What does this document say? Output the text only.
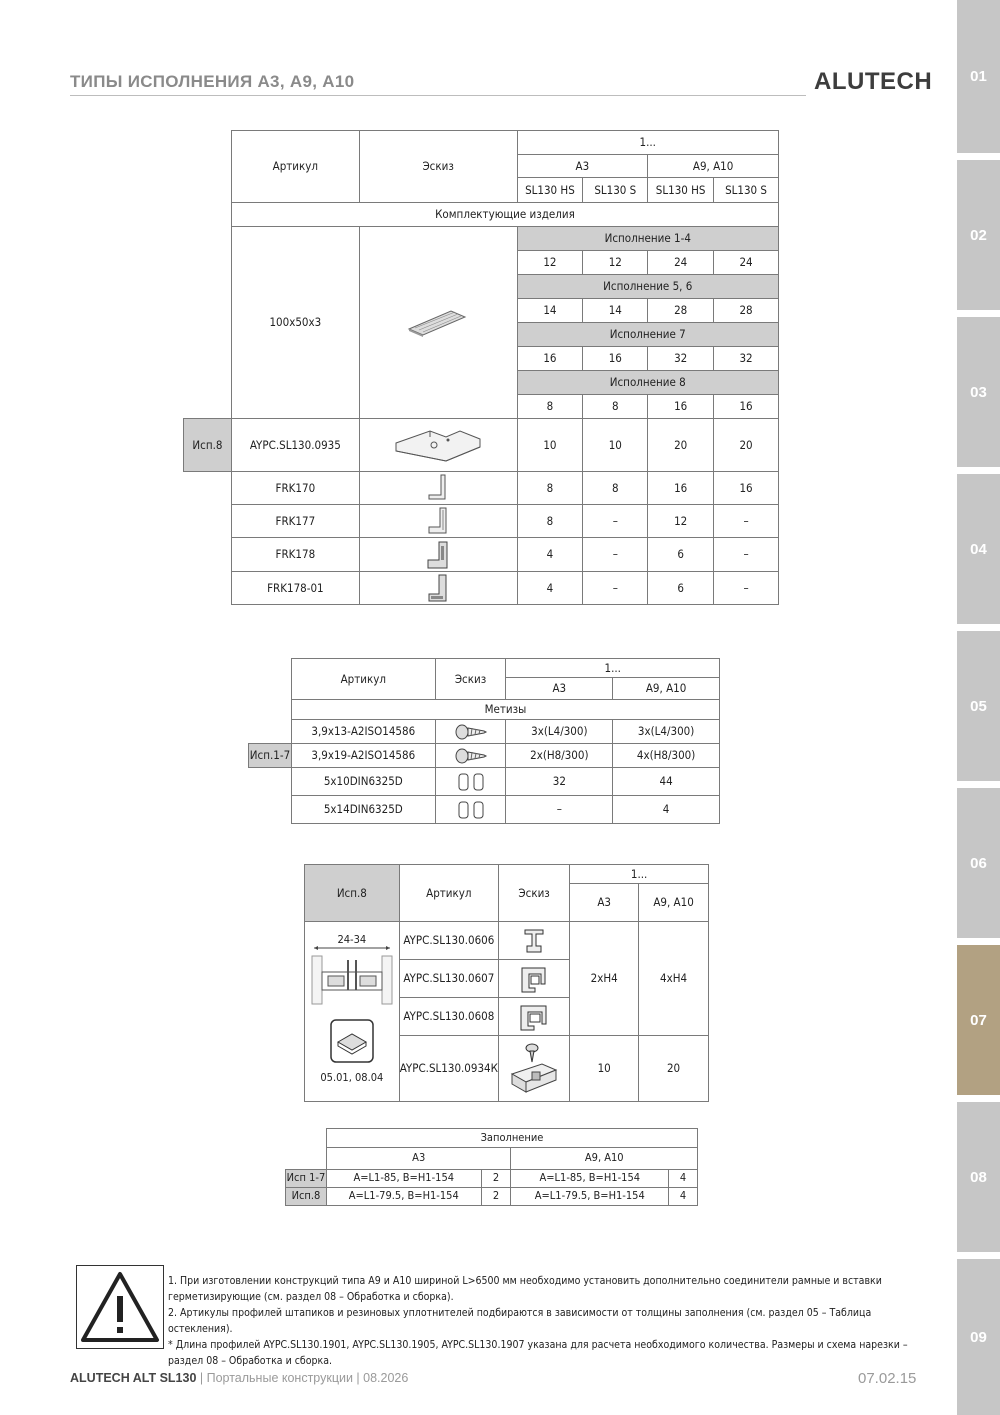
ТИПЫ ИСПОЛНЕНИЯ А3, А9, А10	ALUTECH	01
02
03
04
05
06
07
08
09
	Артикул	Эскиз	1...			
			А3		А9, А10	
			SL130 HS	SL130 S	SL130 HS	SL130 S
	Комплектующие изделия					
	100х50х3		Исполнение 1-4			
			12	12	24	24
			Исполнение 5, 6			
			14	14	28	28
			Исполнение 7			
			16	16	32	32
			Исполнение 8			
			8	8	16	16
Исп.8	AYPC.SL130.0935		10	10	20	20
	FRK170		8	8	16	16
	FRK177		8	–	12	–
	FRK178		4	–	6	–
	FRK178-01		4	–	6	–
	Артикул	Эскиз	1...	
			А3	А9, А10
	Метизы			
	3,9х13-А2ISO14586		3х(L4/300)	3х(L4/300)
Исп.1-7	3,9х19-А2ISO14586		2х(H8/300)	4х(H8/300)
	5х10DIN6325D		32	44
	5х14DIN6325D		–	4
Исп.8	Артикул	Эскиз	1...	
			А3	А9, А10

24-34
05.01, 08.04	AYPC.SL130.0606		2хН4	4хН4
	AYPC.SL130.0607	

	AYPC.SL130.0608	

	AYPC.SL130.0934К		10	20
	Заполнение			
	А3		А9, А10	
Исп 1-7	A=L1-85, B=H1-154	2	A=L1-85, B=H1-154	4
Исп.8	A=L1-79.5, B=H1-154	2	A=L1-79.5, B=H1-154	4
1. При изготовлении конструкций типа А9 и А10 шириной L>6500 мм необходимо установить дополнительно соединители рамные и вставки герметизирующие (см. раздел 08 – Обработка и сборка).
2. Артикулы профилей штапиков и резиновых уплотнителей подбираются в зависимости от толщины заполнения (см. раздел 05 – Таблица остекления).
* Длина профилей AYPC.SL130.1901, AYPC.SL130.1905, AYPC.SL130.1907 указана для расчета необходимого количества. Размеры и схема нарезки – раздел 08 – Обработка и сборка.
ALUTECH ALT SL130 | Портальные конструкции | 08.2026	07.02.15
